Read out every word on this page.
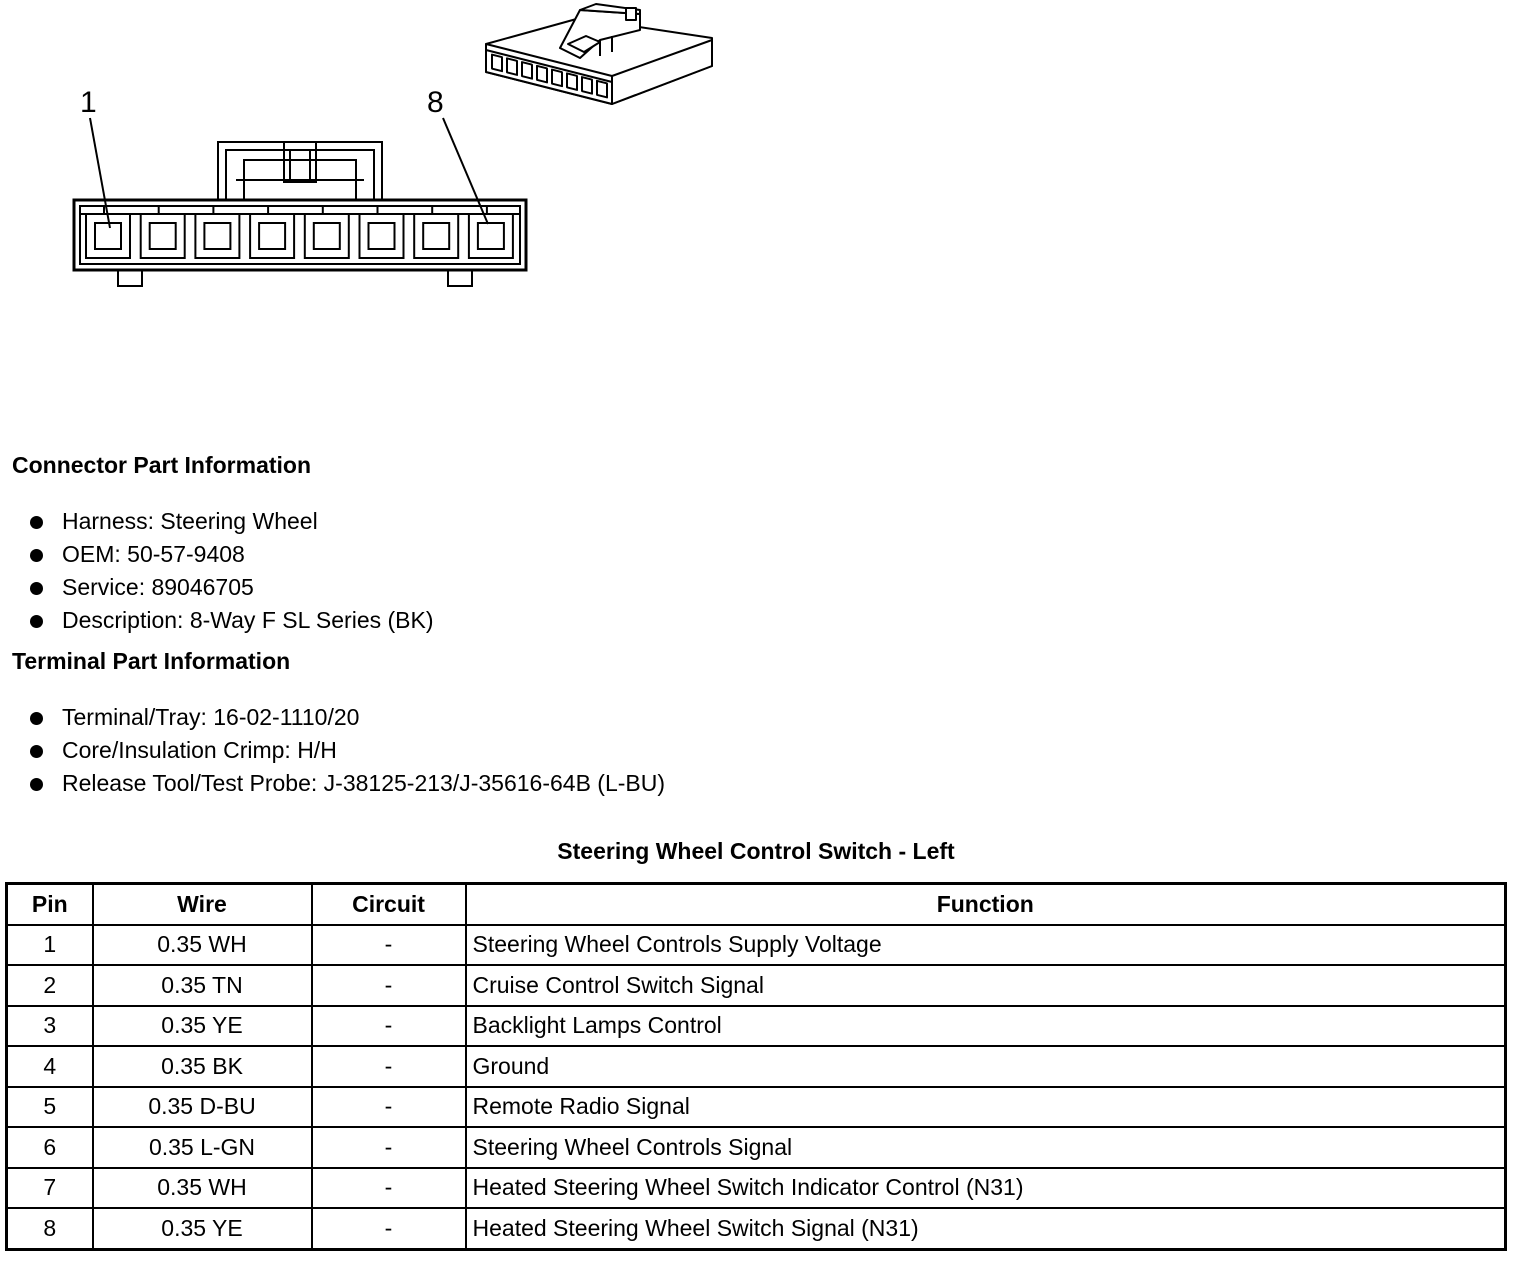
1	8
Connector Part Information
Harness: Steering Wheel
OEM: 50-57-9408
Service: 89046705
Description: 8-Way F SL Series (BK)
Terminal Part Information
Terminal/Tray: 16-02-1110/20
Core/Insulation Crimp: H/H
Release Tool/Test Probe: J-38125-213/J-35616-64B (L-BU)
Steering Wheel Control Switch - Left
Pin	Wire	Circuit	Function
1	0.35 WH	-	Steering Wheel Controls Supply Voltage
2	0.35 TN	-	Cruise Control Switch Signal
3	0.35 YE	-	Backlight Lamps Control
4	0.35 BK	-	Ground
5	0.35 D-BU	-	Remote Radio Signal
6	0.35 L-GN	-	Steering Wheel Controls Signal
7	0.35 WH	-	Heated Steering Wheel Switch Indicator Control (N31)
8	0.35 YE	-	Heated Steering Wheel Switch Signal (N31)
